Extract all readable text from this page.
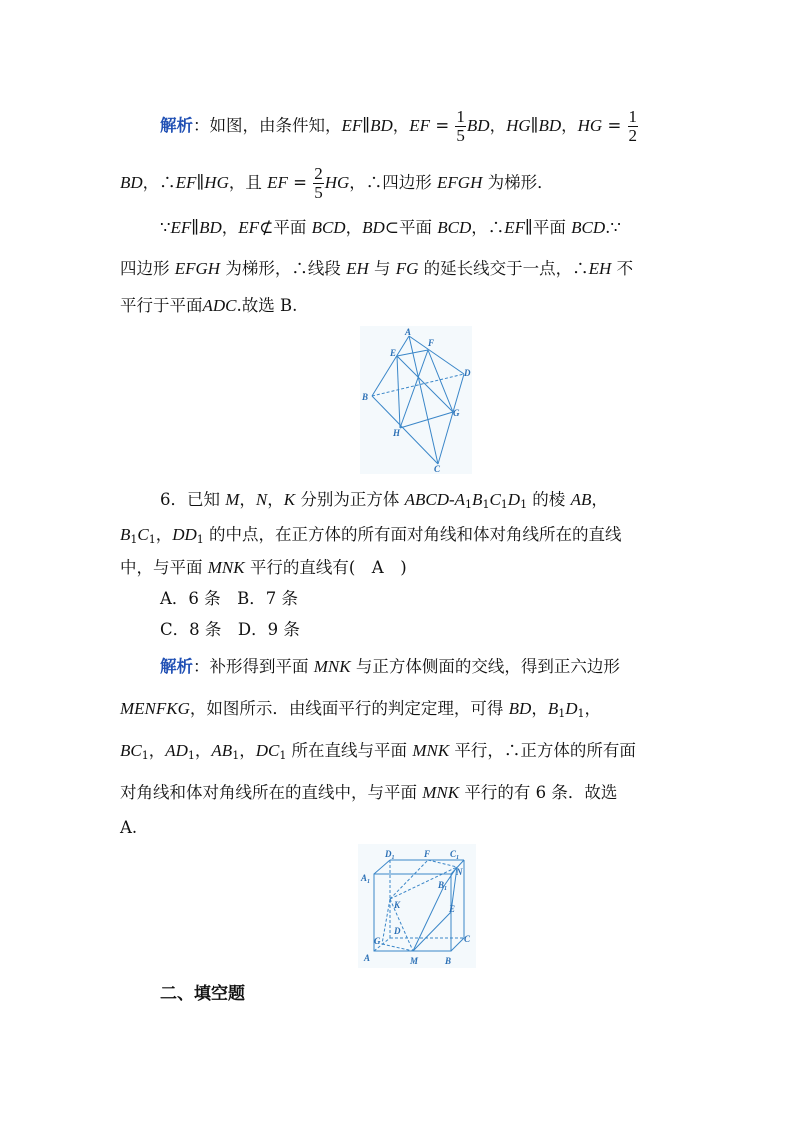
解析：如图，由条件知，EF∥BD，EF = $\frac{1}{5}$ BD，HG∥BD，HG = $\frac{1}{2}$
BD，∴EF∥HG，且 EF = $\frac{2}{5}$ HG，∴四边形 EFGH 为梯形．
∵EF∥BD，EF⊄平面 BCD，BD⊂平面 BCD，∴EF∥平面 BCD.∵
四边形 EFGH 为梯形，∴线段 EH 与 FG 的延长线交于一点，∴EH 不
平行于平面ADC.故选 B.
A
E
F
D
B
G
H
C
6．已知 M，N，K 分别为正方体 ABCD-$A_1B_1C_1D_1$ 的棱 AB，
$B_1C_1$，$DD_1$ 的中点，在正方体的所有面对角线和体对角线所在的直线
中，与平面 MNK 平行的直线有(　A　)
A．6 条　B．7 条
C．8 条　D．9 条
解析：补形得到平面 MNK 与正方体侧面的交线，得到正六边形
MENFKG，如图所示．由线面平行的判定定理，可得 BD，$B_1D_1$，
$BC_1$，$AD_1$，$AB_1$，$DC_1$ 所在直线与平面 MNK 平行，∴正方体的所有面
对角线和体对角线所在的直线中，与平面 MNK 平行的有 6 条．故选
A.
$D_1$	F $C_1$
$A_1$
N
$B_1$
K	E
D
G	C
A	M	B
二、填空题
